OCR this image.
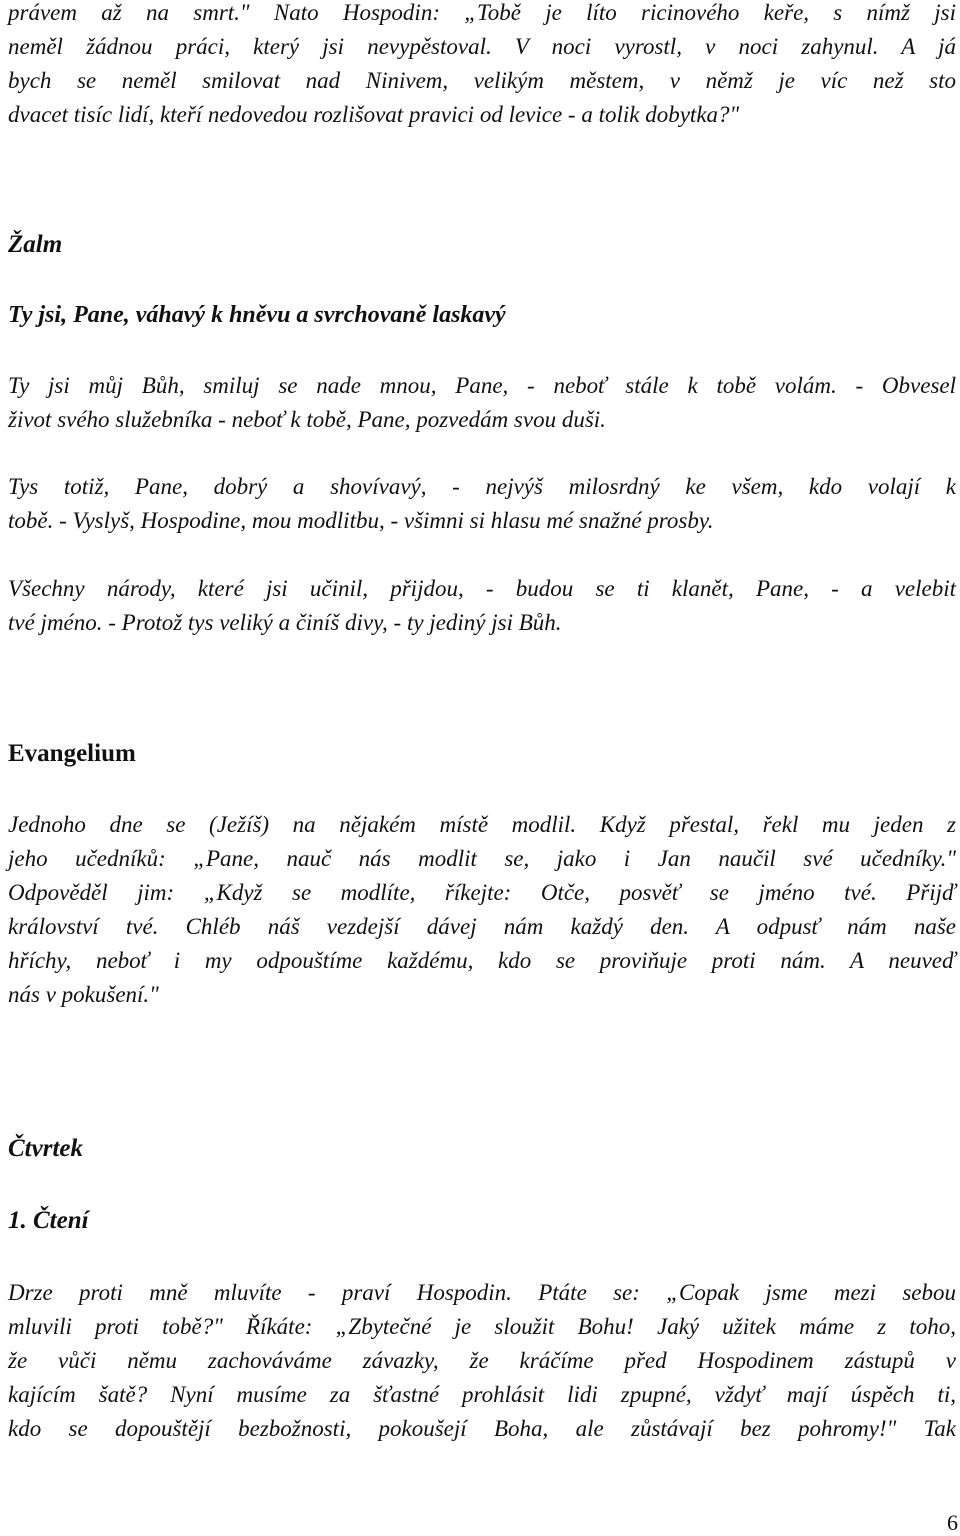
právem až na smrt." Nato Hospodin: „Tobě je líto ricinového keře, s nímž jsi
neměl žádnou práci, který jsi nevypěstoval. V noci vyrostl, v noci zahynul. A já
bych se neměl smilovat nad Ninivem, velikým městem, v němž je víc než sto
dvacet tisíc lidí, kteří nedovedou rozlišovat pravici od levice - a tolik dobytka?"
Žalm
Ty jsi, Pane, váhavý k hněvu a svrchovaně laskavý
Ty jsi můj Bůh, smiluj se nade mnou, Pane, - neboť stále k tobě volám. - Obvesel
život svého služebníka - neboť k tobě, Pane, pozvedám svou duši.
Tys totiž, Pane, dobrý a shovívavý, - nejvýš milosrdný ke všem, kdo volají k
tobě. - Vyslyš, Hospodine, mou modlitbu, - všimni si hlasu mé snažné prosby.
Všechny národy, které jsi učinil, přijdou, - budou se ti klanět, Pane, - a velebit
tvé jméno. - Protož tys veliký a činíš divy, - ty jediný jsi Bůh.
Evangelium
Jednoho dne se (Ježíš) na nějakém místě modlil. Když přestal, řekl mu jeden z
jeho učedníků: „Pane, nauč nás modlit se, jako i Jan naučil své učedníky."
Odpověděl jim: „Když se modlíte, říkejte: Otče, posvěť se jméno tvé. Přijď
království tvé. Chléb náš vezdejší dávej nám každý den. A odpusť nám naše
hříchy, neboť i my odpouštíme každému, kdo se proviňuje proti nám. A neuveď
nás v pokušení."
Čtvrtek
1. Čtení
Drze proti mně mluvíte - praví Hospodin. Ptáte se: „Copak jsme mezi sebou
mluvili proti tobě?" Říkáte: „Zbytečné je sloužit Bohu! Jaký užitek máme z toho,
že vůči němu zachováváme závazky, že kráčíme před Hospodinem zástupů v
kajícím šatě? Nyní musíme za šťastné prohlásit lidi zpupné, vždyť mají úspěch ti,
kdo se dopouštějí bezbožnosti, pokoušejí Boha, ale zůstávají bez pohromy!" Tak
6
